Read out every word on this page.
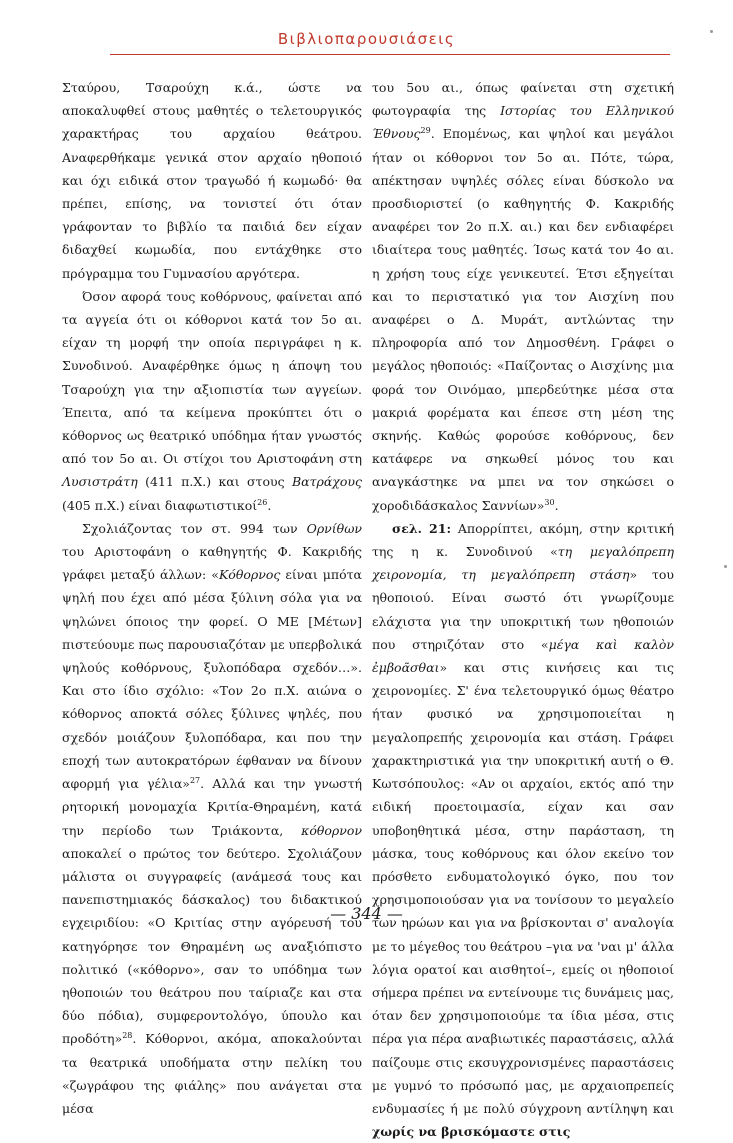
Βιβλιοπαρουσιάσεις

Σταύρου, Τσαρούχη κ.ά., ώστε να αποκαλυφθεί στους μαθητές ο τελετουργικός χαρακτήρας του αρχαίου θεάτρου. Αναφερθήκαμε γενικά στον αρχαίο ηθοποιό και όχι ειδικά στον τραγωδό ή κωμωδό· θα πρέπει, επίσης, να τονιστεί ότι όταν γράφονταν το βιβλίο τα παιδιά δεν είχαν διδαχθεί κωμωδία, που εντάχθηκε στο πρόγραμμα του Γυμνασίου αργότερα.

Όσον αφορά τους κοθόρνους, φαίνεται από τα αγγεία ότι οι κόθορνοι κατά τον 5ο αι. είχαν τη μορφή την οποία περιγράφει η κ. Συνοδινού. Αναφέρθηκε όμως η άποψη του Τσαρούχη για την αξιοπιστία των αγγείων. Έπειτα, από τα κείμενα προκύπτει ότι ο κόθορνος ως θεατρικό υπόδημα ήταν γνωστός από τον 5ο αι. Οι στίχοι του Αριστοφάνη στη Λυσιστράτη (411 π.Χ.) και στους Βατράχους (405 π.Χ.) είναι διαφωτιστικοί$^{26}$.

Σχολιάζοντας τον στ. 994 των Ορνίθων του Αριστοφάνη ο καθηγητής Φ. Κακριδής γράφει μεταξύ άλλων: «Κόθορνος είναι μπότα ψηλή που έχει από μέσα ξύλινη σόλα για να ψηλώνει όποιος την φορεί. Ο ΜΕ [Μέτων] πιστεύουμε πως παρουσιαζόταν με υπερβολικά ψηλούς κοθόρνους, ξυλοπόδαρα σχεδόν…». Και στο ίδιο σχόλιο: «Τον 2ο π.Χ. αιώνα ο κόθορνος αποκτά σόλες ξύλινες ψηλές, που σχεδόν μοιάζουν ξυλοπόδαρα, και που την εποχή των αυτοκρατόρων έφθαναν να δίνουν αφορμή για γέλια»$^{27}$. Αλλά και την γνωστή ρητορική μονομαχία Κριτία-Θηραμένη, κατά την περίοδο των Τριάκοντα, κόθορνον αποκαλεί ο πρώτος τον δεύτερο. Σχολιάζουν μάλιστα οι συγγραφείς (ανάμεσά τους και πανεπιστημιακός δάσκαλος) του διδακτικού εγχειριδίου: «Ο Κριτίας στην αγόρευσή του κατηγόρησε τον Θηραμένη ως αναξιόπιστο πολιτικό («κόθορνο», σαν το υπόδημα των ηθοποιών του θεάτρου που ταίριαζε και στα δύο πόδια), συμφεροντολόγο, ύπουλο και προδότη»$^{28}$. Κόθορνοι, ακόμα, αποκαλούνται τα θεατρικά υποδήματα στην πελίκη του «ζωγράφου της φιάλης» που ανάγεται στα μέσα

του 5ου αι., όπως φαίνεται στη σχετική φωτογραφία της Ιστορίας του Ελληνικού Έθνους$^{29}$. Επομένως, και ψηλοί και μεγάλοι ήταν οι κόθορνοι τον 5ο αι. Πότε, τώρα, απέκτησαν υψηλές σόλες είναι δύσκολο να προσδιοριστεί (ο καθηγητής Φ. Κακριδής αναφέρει τον 2ο π.Χ. αι.) και δεν ενδιαφέρει ιδιαίτερα τους μαθητές. Ίσως κατά τον 4ο αι. η χρήση τους είχε γενικευτεί. Έτσι εξηγείται και το περιστατικό για τον Αισχίνη που αναφέρει ο Δ. Μυράτ, αντλώντας την πληροφορία από τον Δημοσθένη. Γράφει ο μεγάλος ηθοποιός: «Παίζοντας ο Αισχίνης μια φορά τον Οινόμαο, μπερδεύτηκε μέσα στα μακριά φορέματα και έπεσε στη μέση της σκηνής. Καθώς φορούσε κοθόρνους, δεν κατάφερε να σηκωθεί μόνος του και αναγκάστηκε να μπει να τον σηκώσει ο χοροδιδάσκαλος Σαννίων»$^{30}$.

σελ. 21: Απορρίπτει, ακόμη, στην κριτική της η κ. Συνοδινού «τη μεγαλόπρεπη χειρονομία, τη μεγαλόπρεπη στάση» του ηθοποιού. Είναι σωστό ότι γνωρίζουμε ελάχιστα για την υποκριτική των ηθοποιών που στηριζόταν στο «μέγα καὶ καλὸν ἐμβοᾶσθαι» και στις κινήσεις και τις χειρονομίες. Σ' ένα τελετουργικό όμως θέατρο ήταν φυσικό να χρησιμοποιείται η μεγαλοπρεπής χειρονομία και στάση. Γράφει χαρακτηριστικά για την υποκριτική αυτή ο Θ. Κωτσόπουλος: «Αν οι αρχαίοι, εκτός από την ειδική προετοιμασία, είχαν και σαν υποβοηθητικά μέσα, στην παράσταση, τη μάσκα, τους κοθόρνους και όλον εκείνο τον πρόσθετο ενδυματολογικό όγκο, που τον χρησιμοποιούσαν για να τονίσουν το μεγαλείο των ηρώων και για να βρίσκονται σ' αναλογία με το μέγεθος του θεάτρου –για να 'ναι μ' άλλα λόγια ορατοί και αισθητοί–, εμείς οι ηθοποιοί σήμερα πρέπει να εντείνουμε τις δυνάμεις μας, όταν δεν χρησιμοποιούμε τα ίδια μέσα, στις πέρα για πέρα αναβιωτικές παραστάσεις, αλλά παίζουμε στις εκσυγχρονισμένες παραστάσεις με γυμνό το πρόσωπό μας, με αρχαιοπρεπείς ενδυμασίες ή με πολύ σύγχρονη αντίληψη και χωρίς να βρισκόμαστε στις

— 344 —
